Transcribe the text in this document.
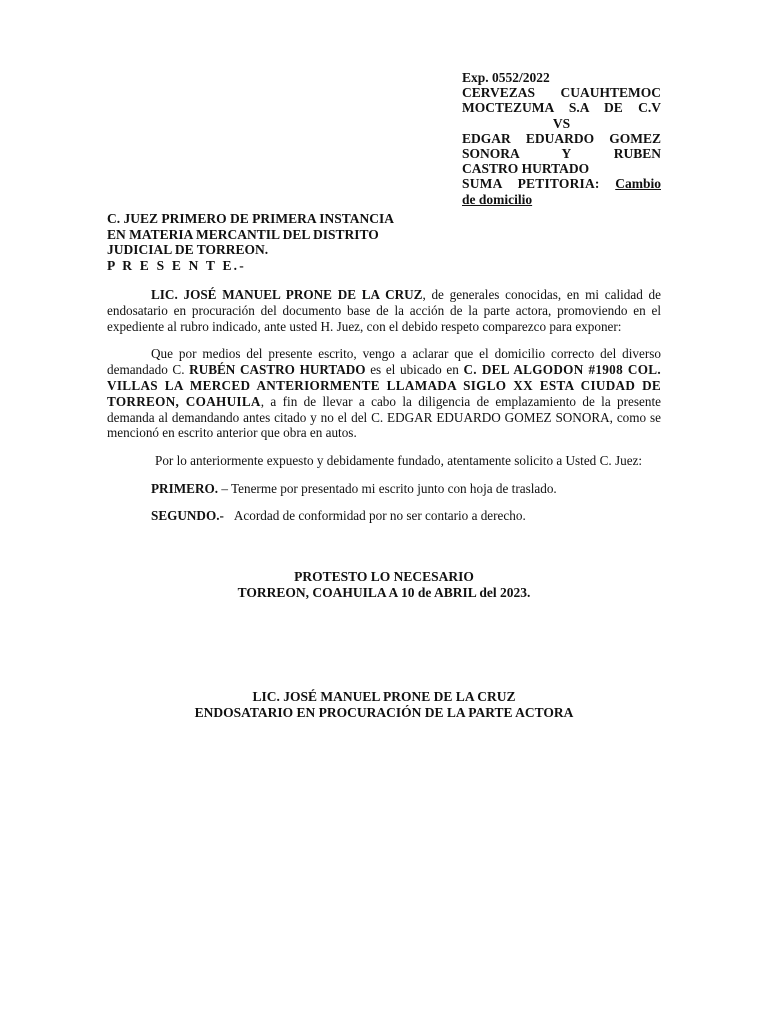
Exp. 0552/2022
CERVEZAS CUAUHTEMOC
MOCTEZUMA S.A DE C.V
VS
EDGAR EDUARDO GOMEZ
SONORA Y RUBEN
CASTRO HURTADO
SUMA PETITORIA: Cambio
de domicilio
C. JUEZ PRIMERO DE PRIMERA INSTANCIA
EN MATERIA MERCANTIL DEL DISTRITO
JUDICIAL DE TORREON.
P R E S E N T E.-

LIC. JOSÉ MANUEL PRONE DE LA CRUZ, de generales conocidas, en mi calidad de endosatario en procuración del documento base de la acción de la parte actora, promoviendo en el expediente al rubro indicado, ante usted H. Juez, con el debido respeto comparezco para exponer:

Que por medios del presente escrito, vengo a aclarar que el domicilio correcto del diverso demandado C. RUBÉN CASTRO HURTADO es el ubicado en C. DEL ALGODON #1908 COL. VILLAS LA MERCED ANTERIORMENTE LLAMADA SIGLO XX ESTA CIUDAD DE TORREON, COAHUILA, a fin de llevar a cabo la diligencia de emplazamiento de la presente demanda al demandando antes citado y no el del C. EDGAR EDUARDO GOMEZ SONORA, como se mencionó en escrito anterior que obra en autos.

Por lo anteriormente expuesto y debidamente fundado, atentamente solicito a Usted C. Juez:

PRIMERO. – Tenerme por presentado mi escrito junto con hoja de traslado.

SEGUNDO.- Acordad de conformidad por no ser contario a derecho.

PROTESTO LO NECESARIO
TORREON, COAHUILA A 10 de ABRIL del 2023.
LIC. JOSÉ MANUEL PRONE DE LA CRUZ
ENDOSATARIO EN PROCURACIÓN DE LA PARTE ACTORA
